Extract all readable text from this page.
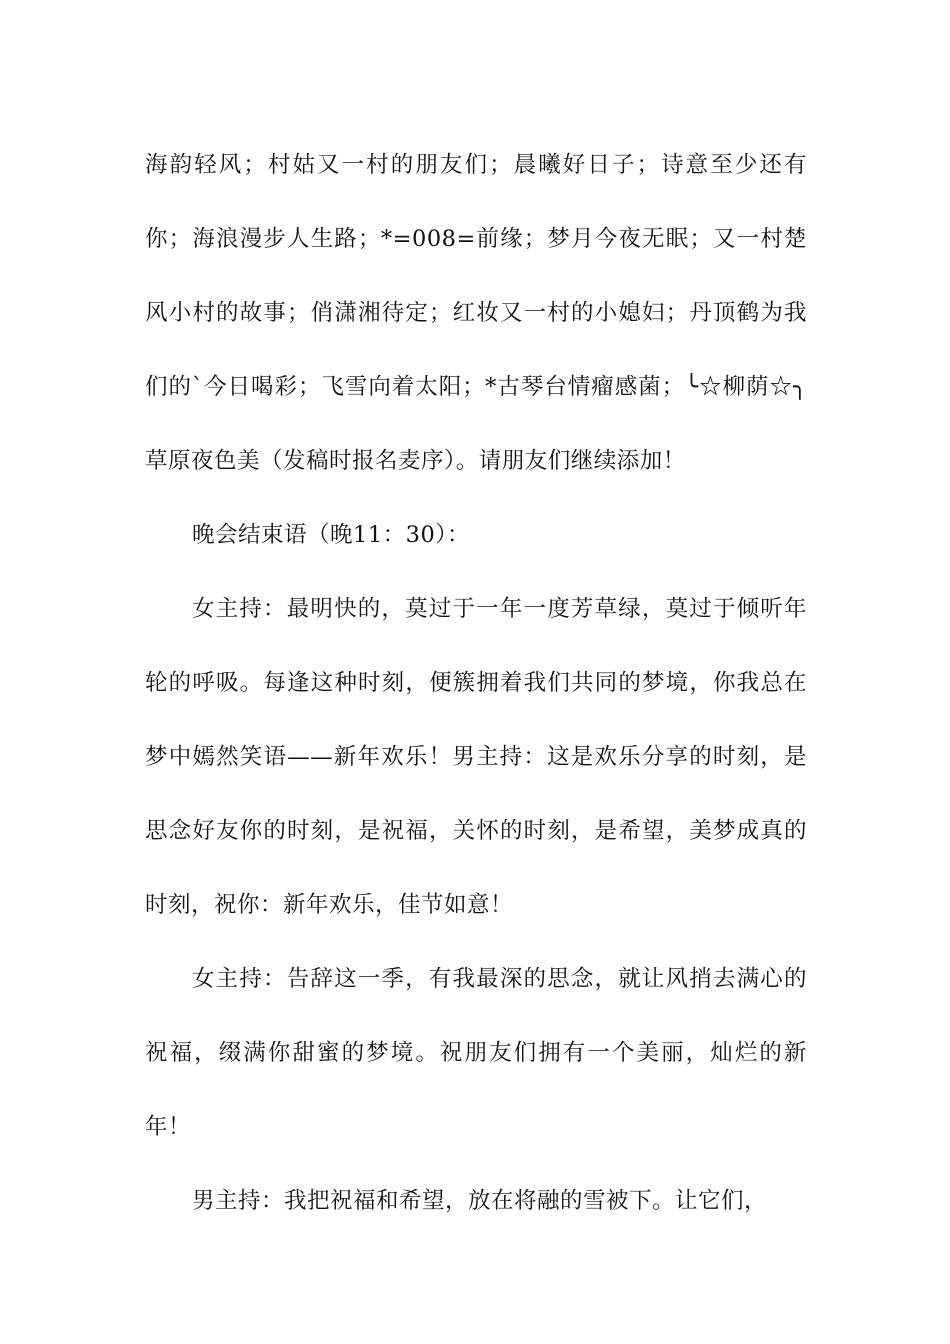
海韵轻风；村姑又一村的朋友们；晨曦好日子；诗意至少还有你；海浪漫步人生路；*=008=前缘；梦月今夜无眠；又一村楚风小村的故事；俏潇湘待定；红妆又一村的小媳妇；丹顶鹤为我们的`今日喝彩；飞雪向着太阳；*古琴台情瘤感菌；╰☆柳荫☆╮草原夜色美（发稿时报名麦序）。请朋友们继续添加！

晚会结束语（晚11：30）：

女主持：最明快的，莫过于一年一度芳草绿，莫过于倾听年轮的呼吸。每逢这种时刻，便簇拥着我们共同的梦境，你我总在梦中嫣然笑语——新年欢乐！男主持：这是欢乐分享的时刻，是思念好友你的时刻，是祝福，关怀的时刻，是希望，美梦成真的时刻，祝你：新年欢乐，佳节如意！

女主持：告辞这一季，有我最深的思念，就让风捎去满心的祝福，缀满你甜蜜的梦境。祝朋友们拥有一个美丽，灿烂的新年！

男主持：我把祝福和希望，放在将融的雪被下。让它们，
